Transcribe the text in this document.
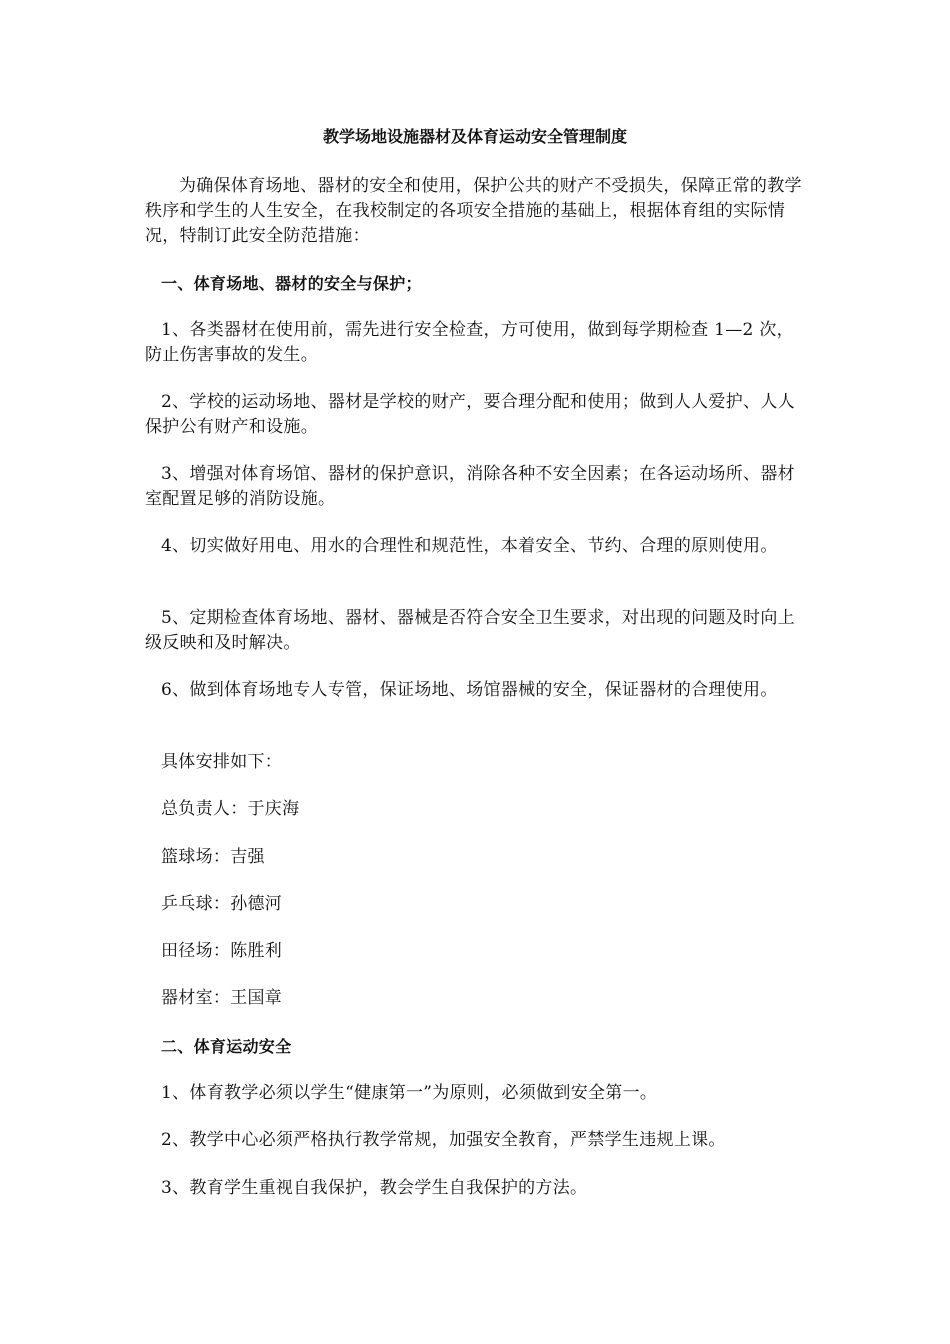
教学场地设施器材及体育运动安全管理制度

为确保体育场地、器材的安全和使用，保护公共的财产不受损失，保障正常的教学秩序和学生的人生安全，在我校制定的各项安全措施的基础上，根据体育组的实际情况，特制订此安全防范措施：

一、体育场地、器材的安全与保护；

1、各类器材在使用前，需先进行安全检查，方可使用，做到每学期检查 1—2 次，防止伤害事故的发生。

2、学校的运动场地、器材是学校的财产，要合理分配和使用；做到人人爱护、人人保护公有财产和设施。

3、增强对体育场馆、器材的保护意识，消除各种不安全因素；在各运动场所、器材室配置足够的消防设施。

4、切实做好用电、用水的合理性和规范性，本着安全、节约、合理的原则使用。

5、定期检查体育场地、器材、器械是否符合安全卫生要求，对出现的问题及时向上级反映和及时解决。

6、做到体育场地专人专管，保证场地、场馆器械的安全，保证器材的合理使用。

具体安排如下：

总负责人：于庆海

篮球场：吉强

乒乓球：孙德河

田径场：陈胜利

器材室：王国章

二、体育运动安全

1、体育教学必须以学生“健康第一”为原则，必须做到安全第一。

2、教学中心必须严格执行教学常规，加强安全教育，严禁学生违规上课。

3、教育学生重视自我保护，教会学生自我保护的方法。
